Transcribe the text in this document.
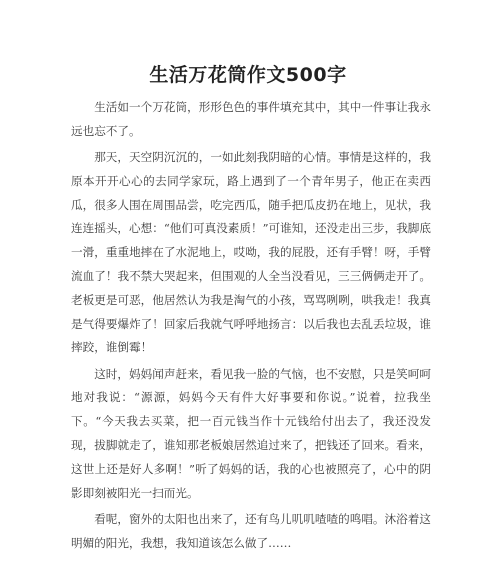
生活万花筒作文500字

生活如一个万花筒，形形色色的事件填充其中，其中一件事让我永远也忘不了。

那天，天空阴沉沉的，一如此刻我阴暗的心情。事情是这样的，我原本开开心心的去同学家玩，路上遇到了一个青年男子，他正在卖西瓜，很多人围在周围品尝，吃完西瓜，随手把瓜皮扔在地上，见状，我连连摇头，心想：“他们可真没素质！”可谁知，还没走出三步，我脚底一滑，重重地摔在了水泥地上，哎呦，我的屁股，还有手臂！呀，手臂流血了！我不禁大哭起来，但围观的人全当没看见，三三俩俩走开了。老板更是可恶，他居然认为我是淘气的小孩，骂骂咧咧，哄我走！我真是气得要爆炸了！回家后我就气呼呼地扬言：以后我也去乱丢垃圾，谁摔跤，谁倒霉！

这时，妈妈闻声赶来，看见我一脸的气恼，也不安慰，只是笑呵呵地对我说：“源源，妈妈今天有件大好事要和你说。”说着，拉我坐下。“今天我去买菜，把一百元钱当作十元钱给付出去了，我还没发现，拔脚就走了，谁知那老板娘居然追过来了，把钱还了回来。看来，这世上还是好人多啊！”听了妈妈的话，我的心也被照亮了，心中的阴影即刻被阳光一扫而光。

看呢，窗外的太阳也出来了，还有鸟儿叽叽喳喳的鸣唱。沐浴着这明媚的阳光，我想，我知道该怎么做了……
